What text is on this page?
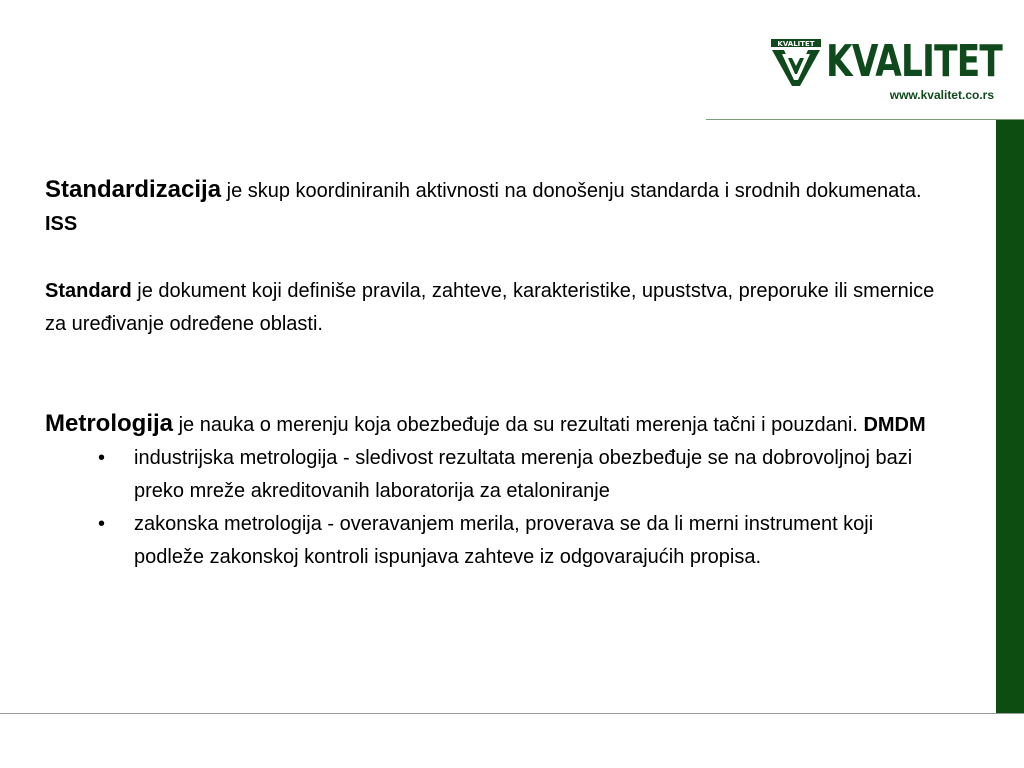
KVALITET KVALITET
www.kvalitet.co.rs

Standardizacija je skup koordiniranih aktivnosti na donošenju standarda i srodnih dokumenata. ISS

Standard je dokument koji definiše pravila, zahteve, karakteristike, upuststva, preporuke ili smernice za uređivanje određene oblasti.

Metrologija je nauka o merenju koja obezbeđuje da su rezultati merenja tačni i pouzdani. DMDM

• industrijska metrologija - sledivost rezultata merenja obezbeđuje se na dobrovoljnoj bazi preko mreže akreditovanih laboratorija za etaloniranje
• zakonska metrologija - overavanjem merila, proverava se da li merni instrument koji podleže zakonskoj kontroli ispunjava zahteve iz odgovarajućih propisa.
